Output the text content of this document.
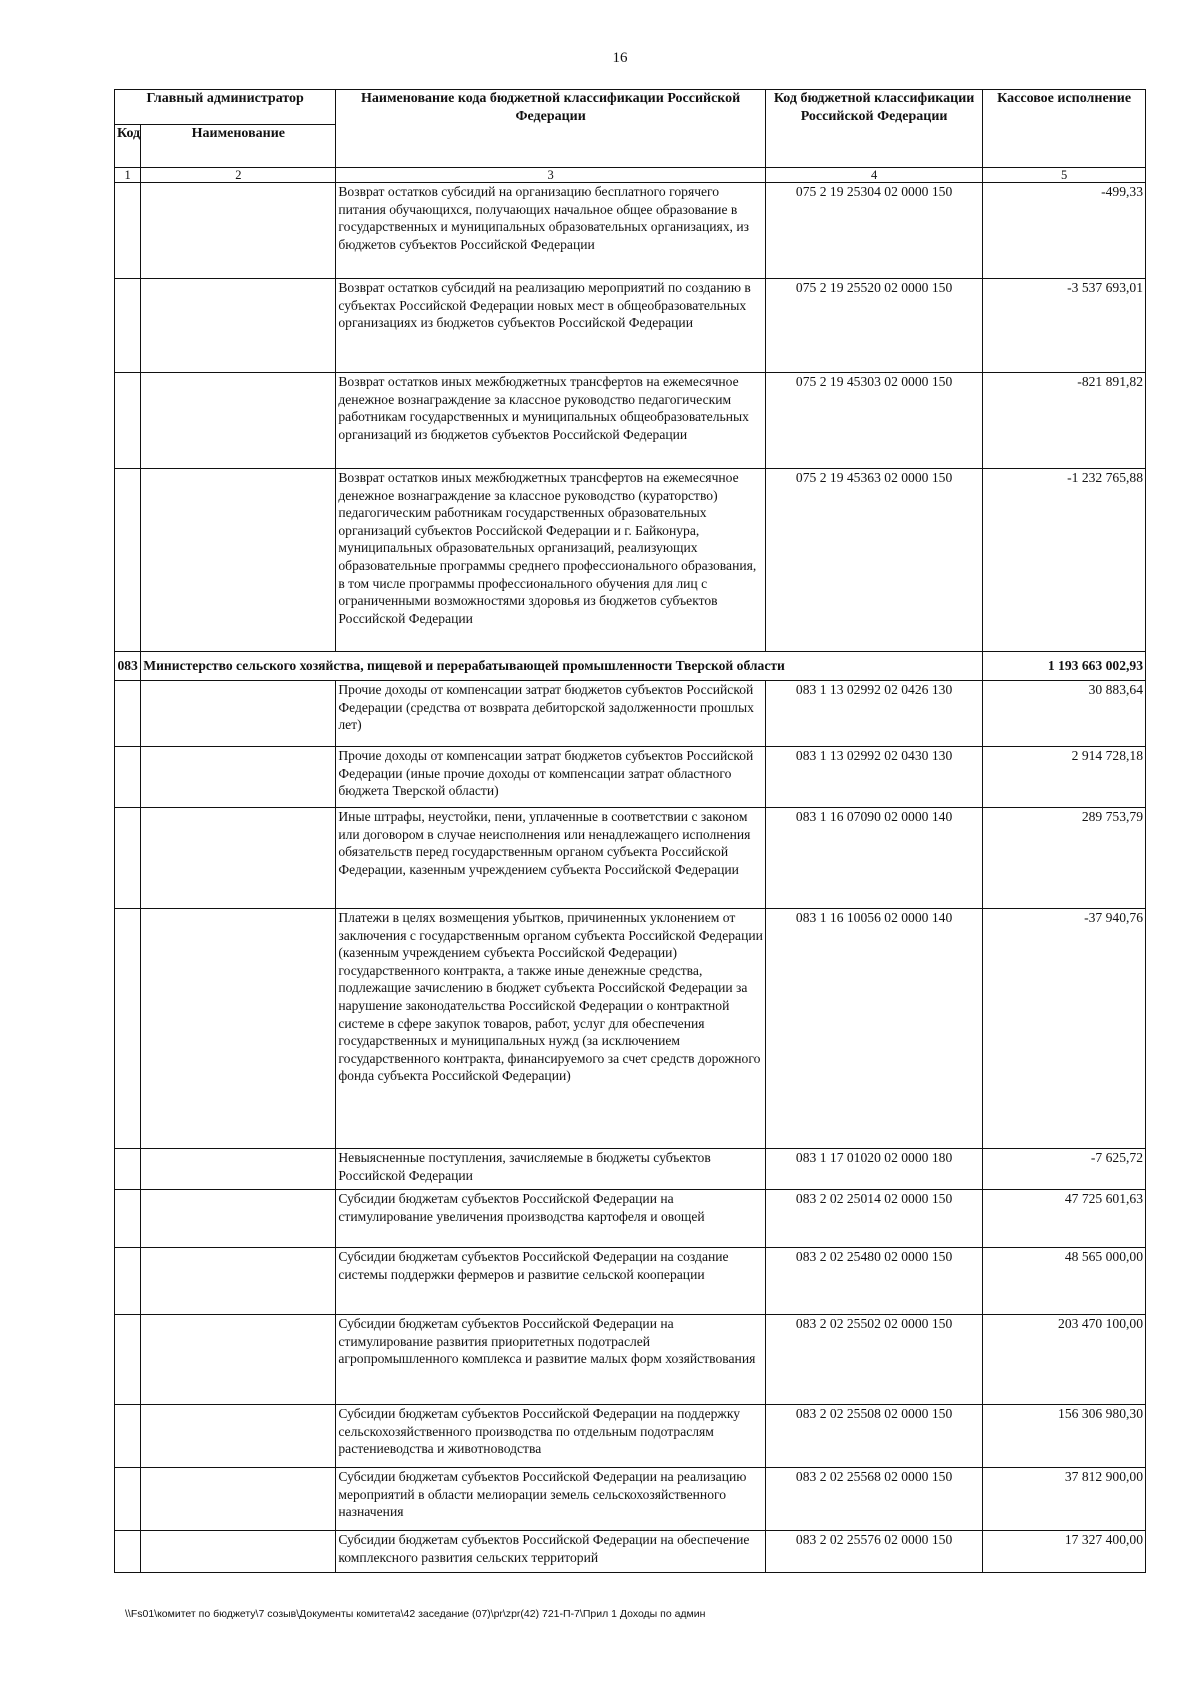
16
Главный администратор		Наименование кода бюджетной классификации Российской Федерации	Код бюджетной классификации Российской Федерации	Кассовое исполнение
Код	Наименование			
1	2	3	4	5
		Возврат остатков субсидий на организацию бесплатного горячего питания обучающихся, получающих начальное общее образование в государственных и муниципальных образовательных организациях, из бюджетов субъектов Российской Федерации	075 2 19 25304 02 0000 150	-499,33
		Возврат остатков субсидий на реализацию мероприятий по созданию в субъектах Российской Федерации новых мест в общеобразовательных организациях из бюджетов субъектов Российской Федерации	075 2 19 25520 02 0000 150	-3 537 693,01
		Возврат остатков иных межбюджетных трансфертов на ежемесячное денежное вознаграждение за классное руководство педагогическим работникам государственных и муниципальных общеобразовательных организаций из бюджетов субъектов Российской Федерации	075 2 19 45303 02 0000 150	-821 891,82
		Возврат остатков иных межбюджетных трансфертов на ежемесячное денежное вознаграждение за классное руководство (кураторство) педагогическим работникам государственных образовательных организаций субъектов Российской Федерации и г. Байконура, муниципальных образовательных организаций, реализующих образовательные программы среднего профессионального образования, в том числе программы профессионального обучения для лиц с ограниченными возможностями здоровья из бюджетов субъектов Российской Федерации	075 2 19 45363 02 0000 150	-1 232 765,88
083	Министерство сельского хозяйства, пищевой и перерабатывающей промышленности Тверской области			1 193 663 002,93
		Прочие доходы от компенсации затрат бюджетов субъектов Российской Федерации (средства от возврата дебиторской задолженности прошлых лет)	083 1 13 02992 02 0426 130	30 883,64
		Прочие доходы от компенсации затрат бюджетов субъектов Российской Федерации (иные прочие доходы от компенсации затрат областного бюджета Тверской области)	083 1 13 02992 02 0430 130	2 914 728,18
		Иные штрафы, неустойки, пени, уплаченные в соответствии с законом или договором в случае неисполнения или ненадлежащего исполнения обязательств перед государственным органом субъекта Российской Федерации, казенным учреждением субъекта Российской Федерации	083 1 16 07090 02 0000 140	289 753,79
		Платежи в целях возмещения убытков, причиненных уклонением от заключения с государственным органом субъекта Российской Федерации (казенным учреждением субъекта Российской Федерации) государственного контракта, а также иные денежные средства, подлежащие зачислению в бюджет субъекта Российской Федерации за нарушение законодательства Российской Федерации о контрактной системе в сфере закупок товаров, работ, услуг для обеспечения государственных и муниципальных нужд (за исключением государственного контракта, финансируемого за счет средств дорожного фонда субъекта Российской Федерации)	083 1 16 10056 02 0000 140	-37 940,76
		Невыясненные поступления, зачисляемые в бюджеты субъектов Российской Федерации	083 1 17 01020 02 0000 180	-7 625,72
		Субсидии бюджетам субъектов Российской Федерации на стимулирование увеличения производства картофеля и овощей	083 2 02 25014 02 0000 150	47 725 601,63
		Субсидии бюджетам субъектов Российской Федерации на создание системы поддержки фермеров и развитие сельской кооперации	083 2 02 25480 02 0000 150	48 565 000,00
		Субсидии бюджетам субъектов Российской Федерации на стимулирование развития приоритетных подотраслей агропромышленного комплекса и развитие малых форм хозяйствования	083 2 02 25502 02 0000 150	203 470 100,00
		Субсидии бюджетам субъектов Российской Федерации на поддержку сельскохозяйственного производства по отдельным подотраслям растениеводства и животноводства	083 2 02 25508 02 0000 150	156 306 980,30
		Субсидии бюджетам субъектов Российской Федерации на реализацию мероприятий в области мелиорации земель сельскохозяйственного назначения	083 2 02 25568 02 0000 150	37 812 900,00
		Субсидии бюджетам субъектов Российской Федерации на обеспечение комплексного развития сельских территорий	083 2 02 25576 02 0000 150	17 327 400,00
\\Fs01\комитет по бюджету\7 созыв\Документы комитета\42 заседание (07)\pr\zpr(42) 721-П-7\Прил 1 Доходы по админ
